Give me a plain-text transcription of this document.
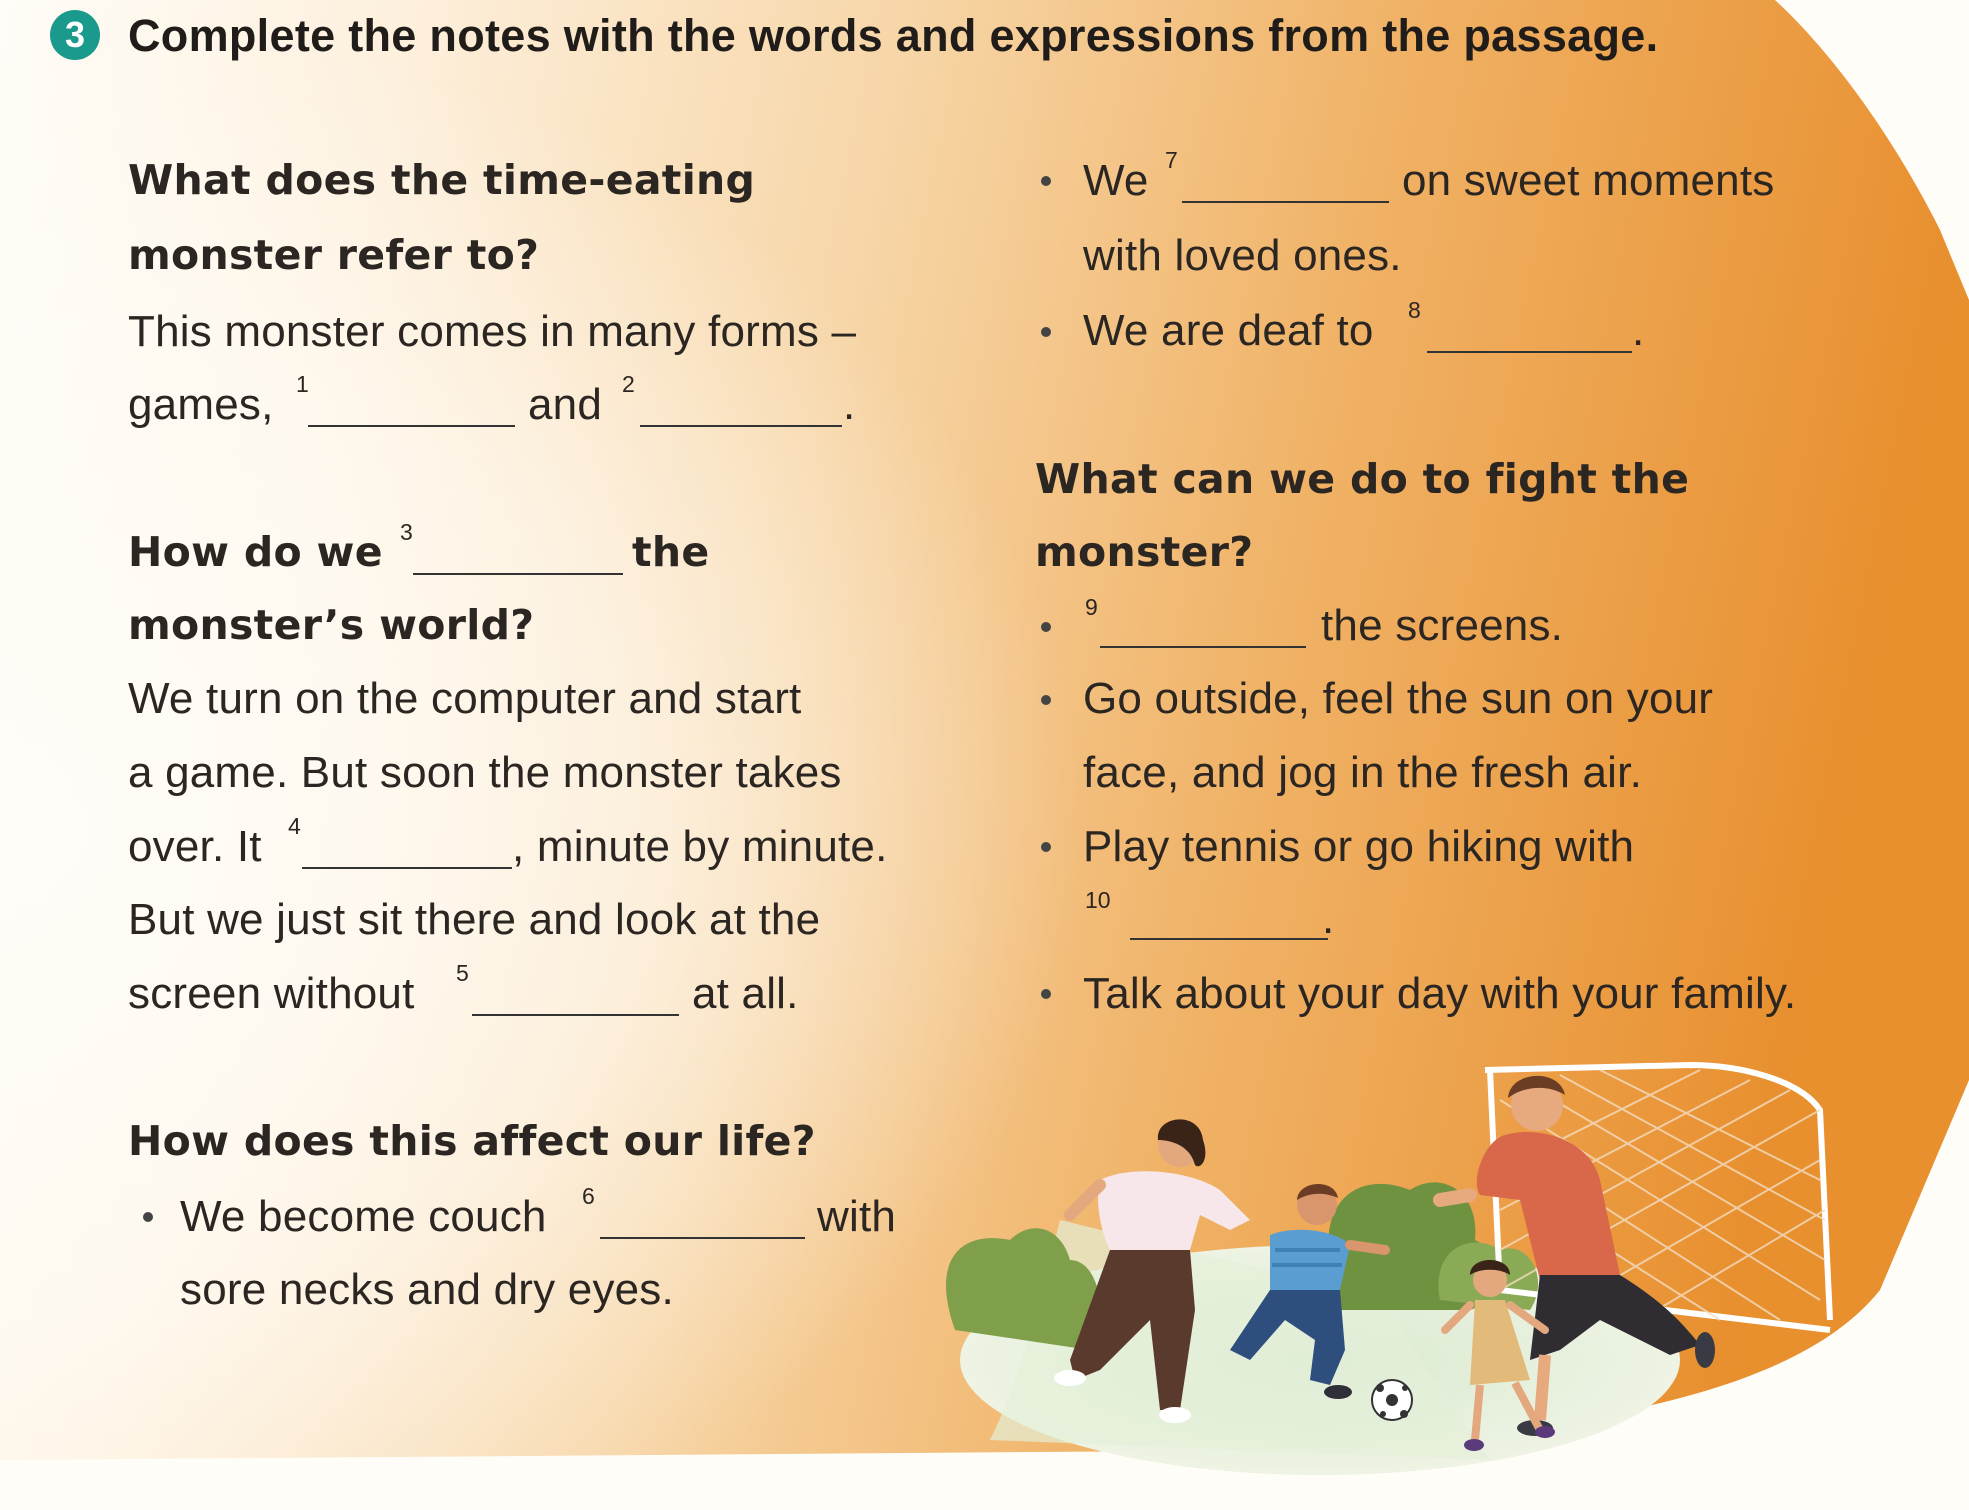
3 Complete the notes with the words and expressions from the passage.
What does the time-eating
monster refer to?
This monster comes in many forms –
games, 1	and 2	.
How do we 3	the
monster’s world?
We turn on the computer and start
a game. But soon the monster takes
over. It 4	, minute by minute.
But we just sit there and look at the
screen without 5	at all.
How does this affect our life?
We become couch 6	with
sore necks and dry eyes.
We 7	on sweet moments
with loved ones.
We are deaf to 8	.
What can we do to fight the
monster?
9	the screens.
Go outside, feel the sun on your
face, and jog in the fresh air.
Play tennis or go hiking with
10	.
Talk about your day with your family.
